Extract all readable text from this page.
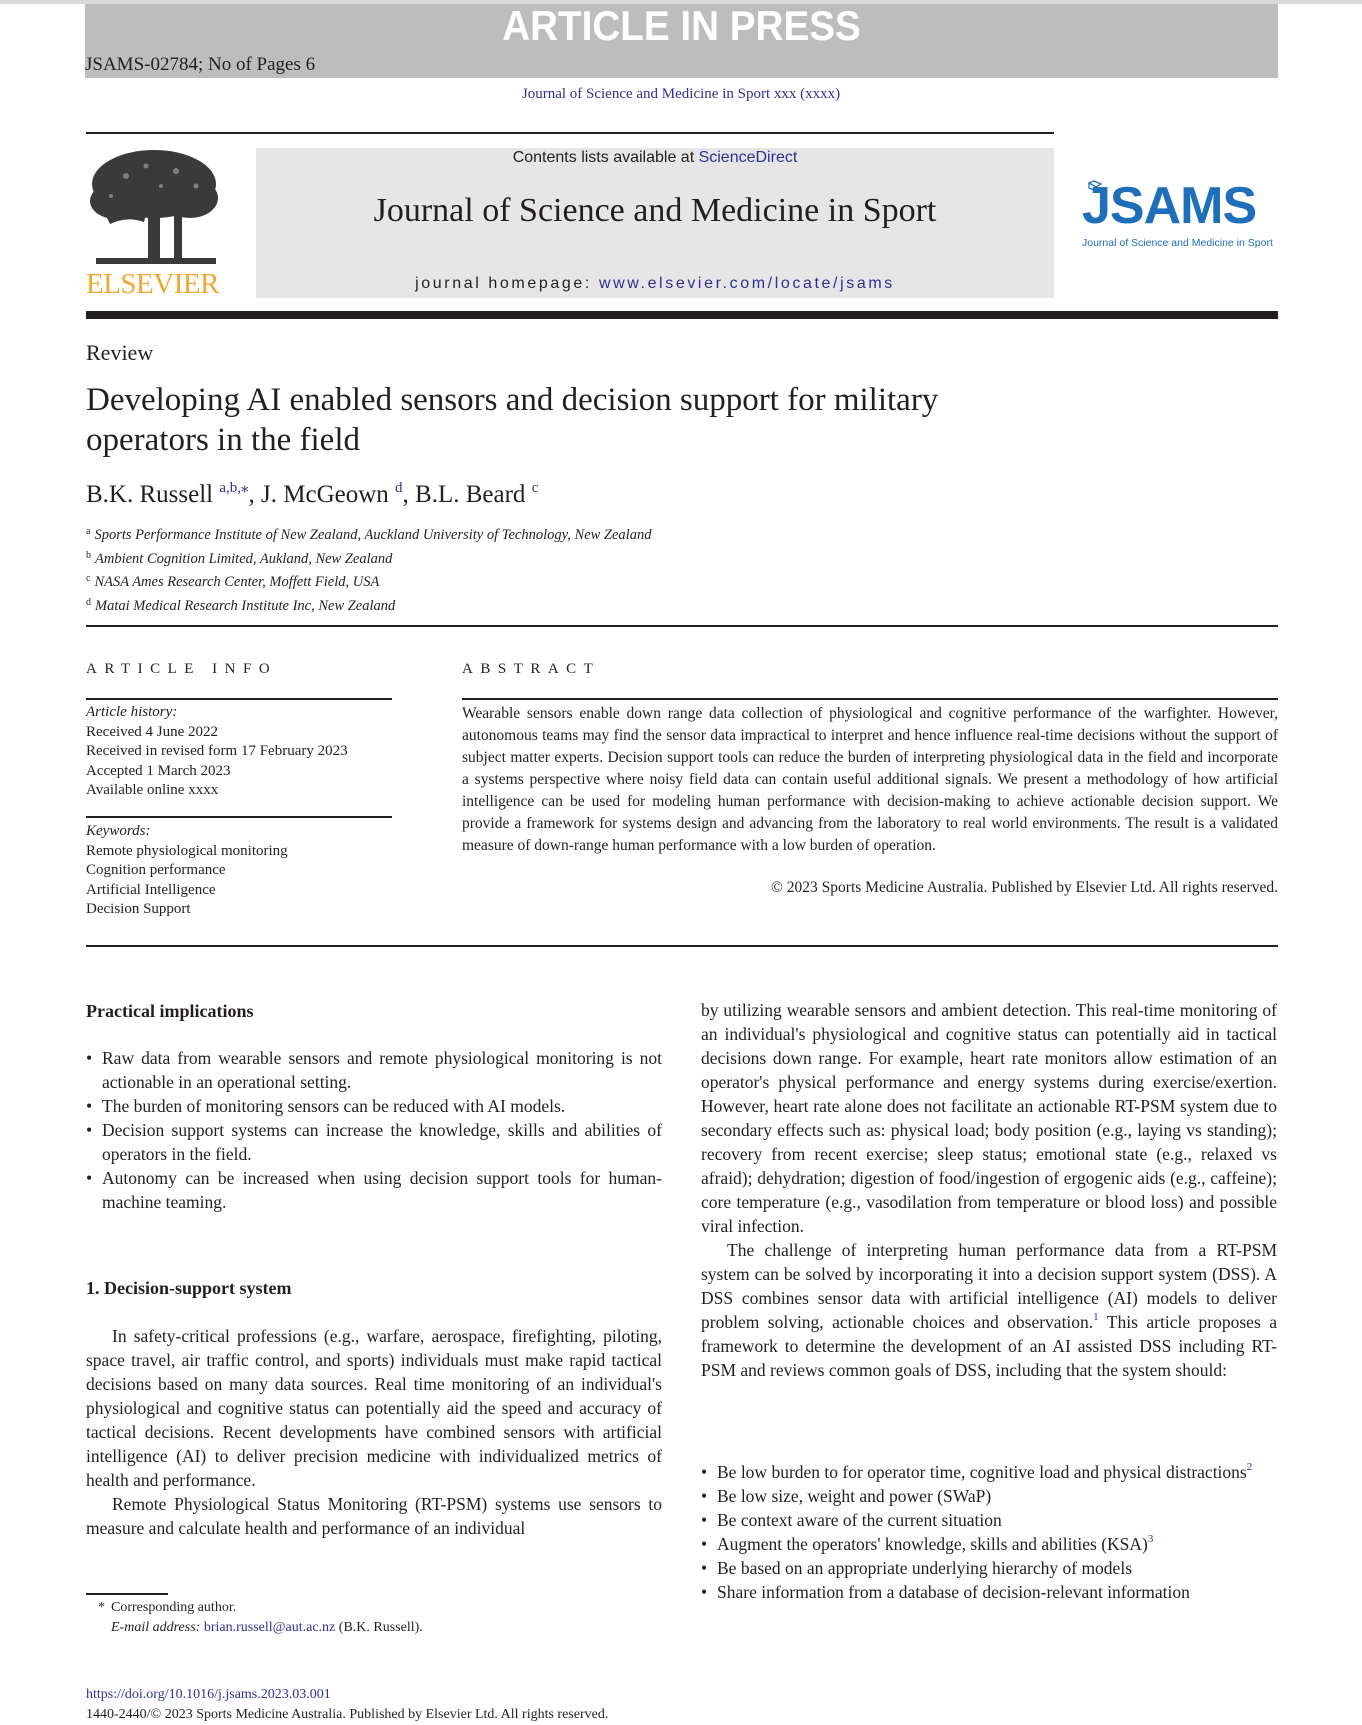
ARTICLE IN PRESS
JSAMS-02784; No of Pages 6
Journal of Science and Medicine in Sport xxx (xxxx)
ELSEVIER
Contents lists available at ScienceDirect
Journal of Science and Medicine in Sport
journal homepage: www.elsevier.com/locate/jsams
JSAMS
Journal of Science and Medicine in Sport
Review
Developing AI enabled sensors and decision support for military operators in the field
B.K. Russell $^{a,b,⁎}$, J. McGeown $^d$, B.L. Beard $^c$
$^a$ Sports Performance Institute of New Zealand, Auckland University of Technology, New Zealand
$^b$ Ambient Cognition Limited, Aukland, New Zealand
$^c$ NASA Ames Research Center, Moffett Field, USA
$^d$ Matai Medical Research Institute Inc, New Zealand
ARTICLE INFO
Article history:
Received 4 June 2022
Received in revised form 17 February 2023
Accepted 1 March 2023
Available online xxxx
Keywords:
Remote physiological monitoring
Cognition performance
Artificial Intelligence
Decision Support
ABSTRACT
Wearable sensors enable down range data collection of physiological and cognitive performance of the warfighter. However, autonomous teams may find the sensor data impractical to interpret and hence influence real-time decisions without the support of subject matter experts. Decision support tools can reduce the burden of interpreting physiological data in the field and incorporate a systems perspective where noisy field data can contain useful additional signals. We present a methodology of how artificial intelligence can be used for modeling human performance with decision-making to achieve actionable decision support. We provide a framework for systems design and advancing from the laboratory to real world environments. The result is a validated measure of down-range human performance with a low burden of operation.
© 2023 Sports Medicine Australia. Published by Elsevier Ltd. All rights reserved.
Practical implications
• Raw data from wearable sensors and remote physiological monitoring is not actionable in an operational setting.
• The burden of monitoring sensors can be reduced with AI models.
• Decision support systems can increase the knowledge, skills and abilities of operators in the field.
• Autonomy can be increased when using decision support tools for human-machine teaming.
1. Decision-support system

In safety-critical professions (e.g., warfare, aerospace, firefighting, piloting, space travel, air traffic control, and sports) individuals must make rapid tactical decisions based on many data sources. Real time monitoring of an individual's physiological and cognitive status can potentially aid the speed and accuracy of tactical decisions. Recent developments have combined sensors with artificial intelligence (AI) to deliver precision medicine with individualized metrics of health and performance.

Remote Physiological Status Monitoring (RT-PSM) systems use sensors to measure and calculate health and performance of an individual

* Corresponding author.
E-mail address: brian.russell@aut.ac.nz (B.K. Russell).
https://doi.org/10.1016/j.jsams.2023.03.001
1440-2440/© 2023 Sports Medicine Australia. Published by Elsevier Ltd. All rights reserved.

by utilizing wearable sensors and ambient detection. This real-time monitoring of an individual's physiological and cognitive status can potentially aid in tactical decisions down range. For example, heart rate monitors allow estimation of an operator's physical performance and energy systems during exercise/exertion. However, heart rate alone does not facilitate an actionable RT-PSM system due to secondary effects such as: physical load; body position (e.g., laying vs standing); recovery from recent exercise; sleep status; emotional state (e.g., relaxed vs afraid); dehydration; digestion of food/ingestion of ergogenic aids (e.g., caffeine); core temperature (e.g., vasodilation from temperature or blood loss) and possible viral infection.

The challenge of interpreting human performance data from a RT-PSM system can be solved by incorporating it into a decision support system (DSS). A DSS combines sensor data with artificial intelligence (AI) models to deliver problem solving, actionable choices and observation.$^1$ This article proposes a framework to determine the development of an AI assisted DSS including RT-PSM and reviews common goals of DSS, including that the system should:

• Be low burden to for operator time, cognitive load and physical distractions$^2$
• Be low size, weight and power (SWaP)
• Be context aware of the current situation
• Augment the operators' knowledge, skills and abilities (KSA)$^3$
• Be based on an appropriate underlying hierarchy of models
• Share information from a database of decision-relevant information
